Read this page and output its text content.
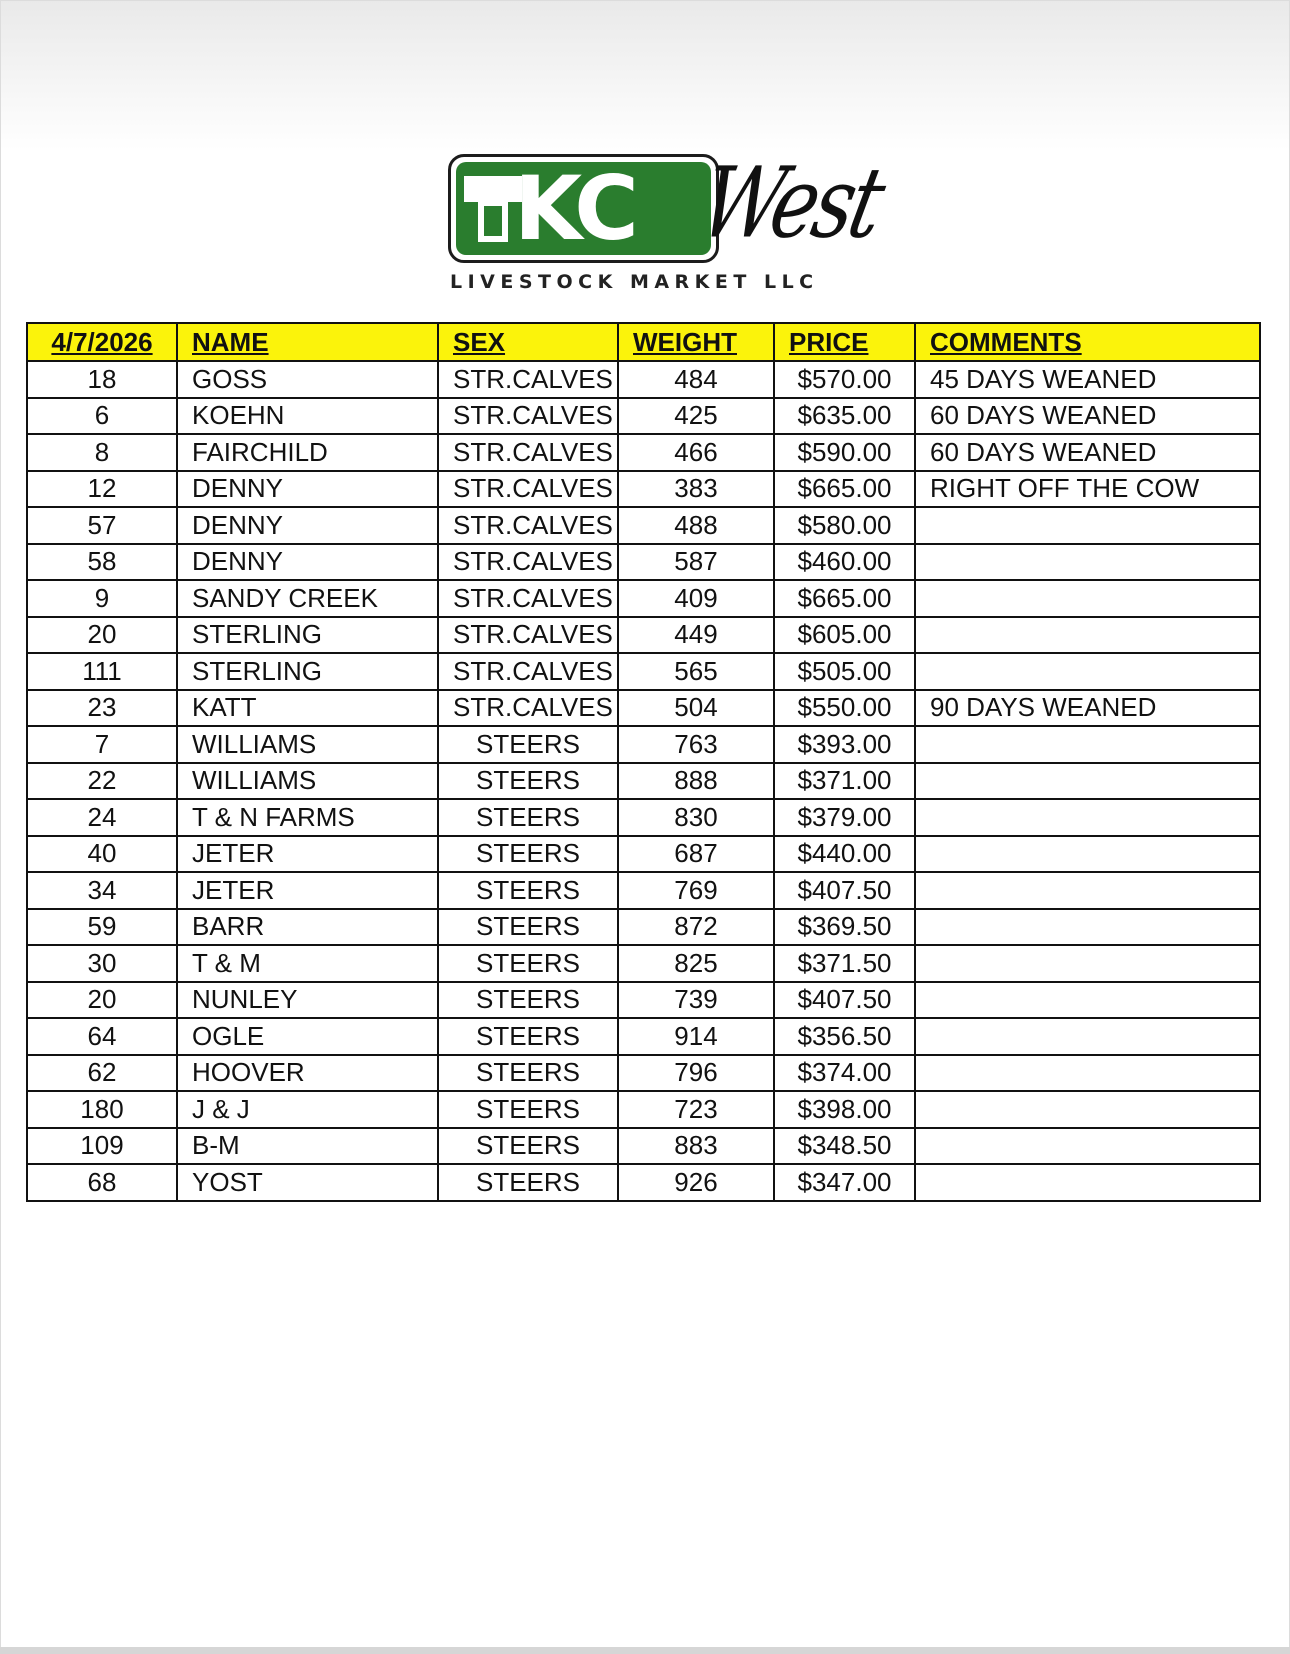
KC West
LIVESTOCK MARKET LLC
4/7/2026	NAME	SEX	WEIGHT	PRICE	COMMENTS
18	GOSS	STR.CALVES	484	$570.00	45 DAYS WEANED
6	KOEHN	STR.CALVES	425	$635.00	60 DAYS WEANED
8	FAIRCHILD	STR.CALVES	466	$590.00	60 DAYS WEANED
12	DENNY	STR.CALVES	383	$665.00	RIGHT OFF THE COW
57	DENNY	STR.CALVES	488	$580.00	
58	DENNY	STR.CALVES	587	$460.00	
9	SANDY CREEK	STR.CALVES	409	$665.00	
20	STERLING	STR.CALVES	449	$605.00	
111	STERLING	STR.CALVES	565	$505.00	
23	KATT	STR.CALVES	504	$550.00	90 DAYS WEANED
7	WILLIAMS	STEERS	763	$393.00	
22	WILLIAMS	STEERS	888	$371.00	
24	T & N FARMS	STEERS	830	$379.00	
40	JETER	STEERS	687	$440.00	
34	JETER	STEERS	769	$407.50	
59	BARR	STEERS	872	$369.50	
30	T & M	STEERS	825	$371.50	
20	NUNLEY	STEERS	739	$407.50	
64	OGLE	STEERS	914	$356.50	
62	HOOVER	STEERS	796	$374.00	
180	J & J	STEERS	723	$398.00	
109	B-M	STEERS	883	$348.50	
68	YOST	STEERS	926	$347.00	
